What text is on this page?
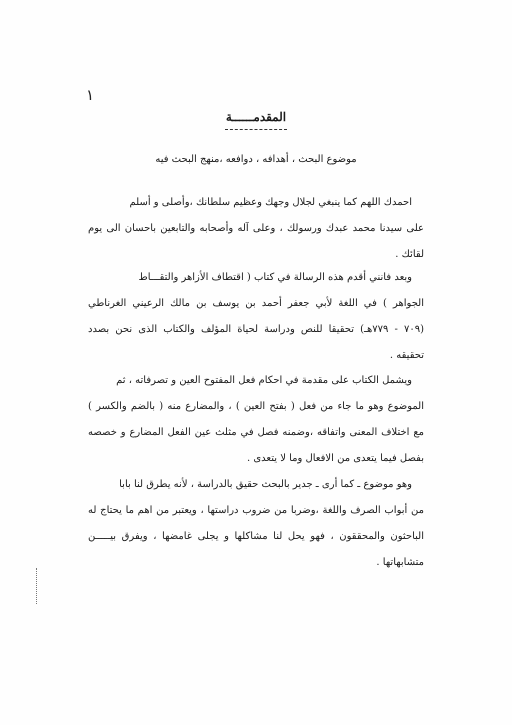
١
المقدمــــــة
موضوع البحث ، أهدافه ، دوافعه ،منهج البحث فيه
احمدك اللهم كما ينبغي لجلال وجهك وعظيم سلطانك ،وأصلى و أسلم
على سيدنا محمد عبدك ورسولك ، وعلى آله وأصحابه والتابعين باحسان الى يوم
لقائك .
وبعد فانني أقدم هذه الرسالة في كتاب ( اقتطاف الأزاهر والتقـــاط
الجواهر ) في اللغة لأبي جعفر أحمد بن يوسف بن مالك الرعيني الغرناطي
(٧٠٩ - ٧٧٩هـ) تحقيقا للنص ودراسة لحياة المؤلف والكتاب الذى نحن بصدد
تحقيقه .
ويشمل الكتاب على مقدمة في احكام فعل المفتوح العين و تصرفاته ، ثم
الموضوع وهو ما جاء من فعل ( بفتح العين ) ، والمضارع منه ( بالضم والكسر )
مع اختلاف المعنى واتفاقه ،وضمنه فصل في مثلث عين الفعل المضارع و خصصه
بفصل فيما يتعدى من الافعال وما لا يتعدى .
وهو موضوع ـ كما أرى ـ جدير بالبحث حقيق بالدراسة ، لأنه يطرق لنا بابا
من أبواب الصرف واللغة ،وضربا من ضروب دراستها ، ويعتبر من اهم ما يحتاج له
الباحثون والمحققون ، فهو يحل لنا مشاكلها و يجلى غامضها ، ويفرق بيـــــن
متشابهاتها .
